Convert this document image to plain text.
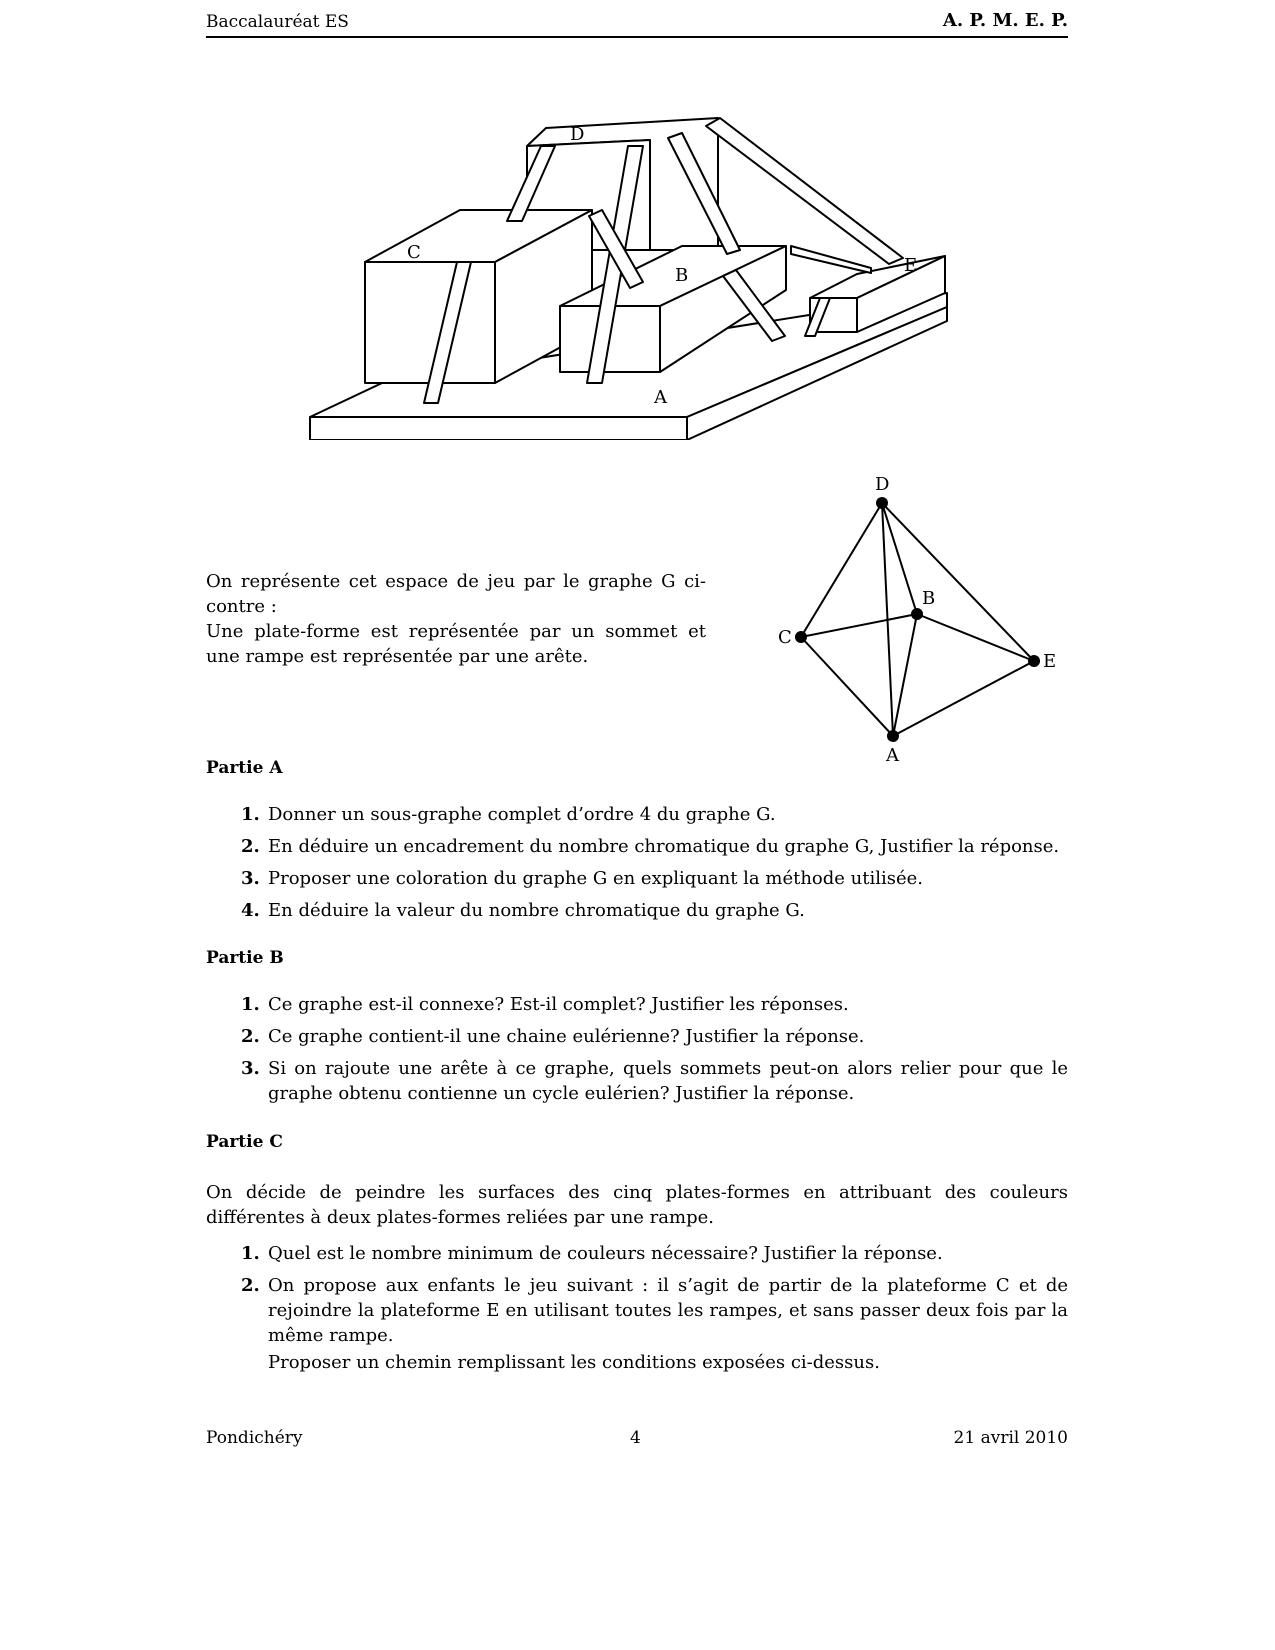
Baccalauréat ES	A. P. M. E. P.
D
C
B	E
A
D
B
C
E
A

On représente cet espace de jeu par le graphe G ci-contre :

Une plate-forme est représentée par un sommet et une rampe est représentée par une arête.

Partie A
1. Donner un sous-graphe complet d’ordre 4 du graphe G.
2. En déduire un encadrement du nombre chromatique du graphe G, Justifier la réponse.
3. Proposer une coloration du graphe G en expliquant la méthode utilisée.
4. En déduire la valeur du nombre chromatique du graphe G.
Partie B
1. Ce graphe est-il connexe? Est-il complet? Justifier les réponses.
2. Ce graphe contient-il une chaine eulérienne? Justifier la réponse.
3. Si on rajoute une arête à ce graphe, quels sommets peut-on alors relier pour que le graphe obtenu contienne un cycle eulérien? Justifier la réponse.
Partie C

On décide de peindre les surfaces des cinq plates-formes en attribuant des couleurs différentes à deux plates-formes reliées par une rampe.

1. Quel est le nombre minimum de couleurs nécessaire? Justifier la réponse.
2. On propose aux enfants le jeu suivant : il s’agit de partir de la plateforme C et de rejoindre la plateforme E en utilisant toutes les rampes, et sans passer deux fois par la même rampe.
Proposer un chemin remplissant les conditions exposées ci-dessus.
Pondichéry	4	21 avril 2010
